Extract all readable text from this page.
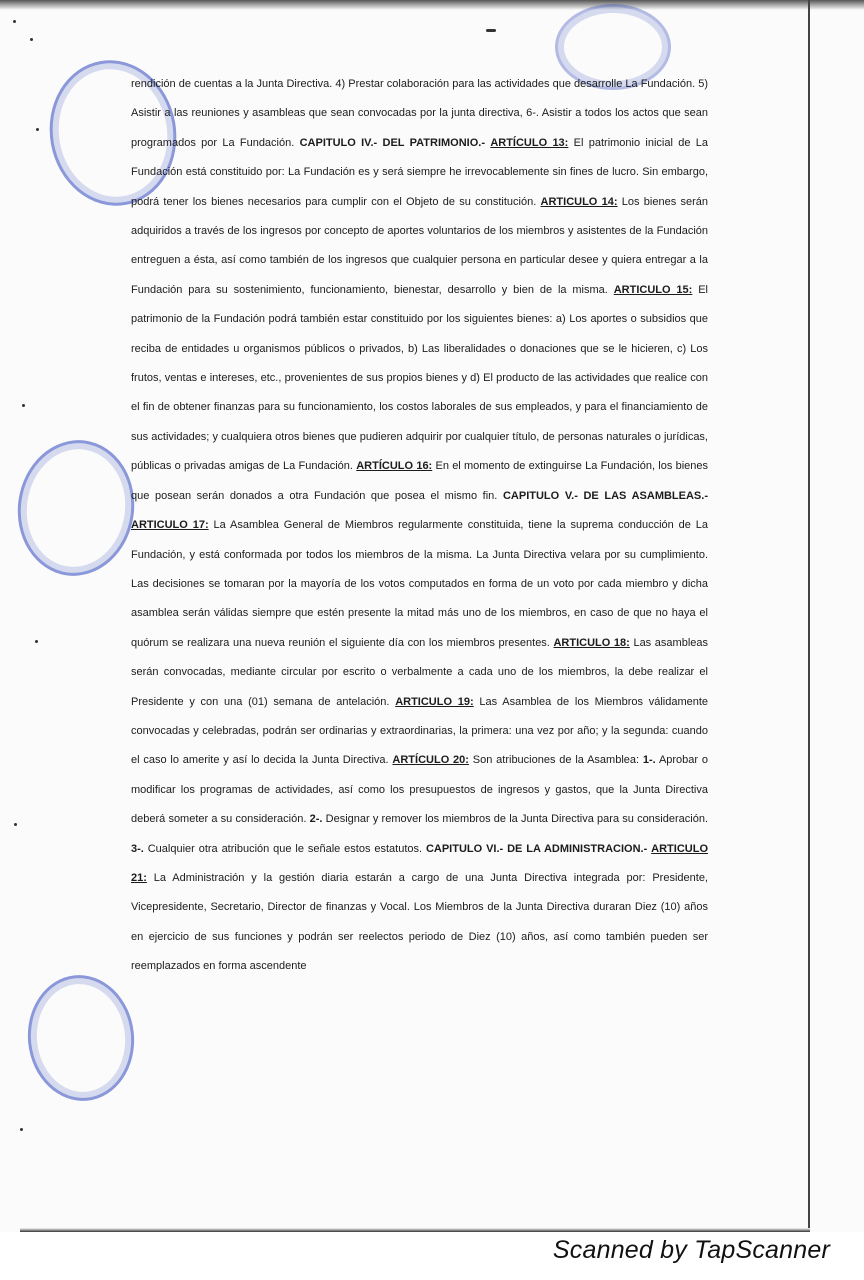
rendición de cuentas a la Junta Directiva. 4) Prestar colaboración para las actividades que desarrolle La Fundación. 5) Asistir a las reuniones y asambleas que sean convocadas por la junta directiva, 6-. Asistir a todos los actos que sean programados por La Fundación. CAPITULO IV.- DEL PATRIMONIO.- ARTÍCULO 13: El patrimonio inicial de La Fundación está constituido por: La Fundación es y será siempre he irrevocablemente sin fines de lucro. Sin embargo, podrá tener los bienes necesarios para cumplir con el Objeto de su constitución. ARTICULO 14: Los bienes serán adquiridos a través de los ingresos por concepto de aportes voluntarios de los miembros y asistentes de la Fundación entreguen a ésta, así como también de los ingresos que cualquier persona en particular desee y quiera entregar a la Fundación para su sostenimiento, funcionamiento, bienestar, desarrollo y bien de la misma. ARTICULO 15: El patrimonio de la Fundación podrá también estar constituido por los siguientes bienes: a) Los aportes o subsidios que reciba de entidades u organismos públicos o privados, b) Las liberalidades o donaciones que se le hicieren, c) Los frutos, ventas e intereses, etc., provenientes de sus propios bienes y d) El producto de las actividades que realice con el fin de obtener finanzas para su funcionamiento, los costos laborales de sus empleados, y para el financiamiento de sus actividades; y cualquiera otros bienes que pudieren adquirir por cualquier título, de personas naturales o jurídicas, públicas o privadas amigas de La Fundación. ARTÍCULO 16: En el momento de extinguirse La Fundación, los bienes que posean serán donados a otra Fundación que posea el mismo fin. CAPITULO V.- DE LAS ASAMBLEAS.- ARTICULO 17: La Asamblea General de Miembros regularmente constituida, tiene la suprema conducción de La Fundación, y está conformada por todos los miembros de la misma. La Junta Directiva velara por su cumplimiento. Las decisiones se tomaran por la mayoría de los votos computados en forma de un voto por cada miembro y dicha asamblea serán válidas siempre que estén presente la mitad más uno de los miembros, en caso de que no haya el quórum se realizara una nueva reunión el siguiente día con los miembros presentes. ARTICULO 18: Las asambleas serán convocadas, mediante circular por escrito o verbalmente a cada uno de los miembros, la debe realizar el Presidente y con una (01) semana de antelación. ARTICULO 19: Las Asamblea de los Miembros válidamente convocadas y celebradas, podrán ser ordinarias y extraordinarias, la primera: una vez por año; y la segunda: cuando el caso lo amerite y así lo decida la Junta Directiva. ARTÍCULO 20: Son atribuciones de la Asamblea: 1-. Aprobar o modificar los programas de actividades, así como los presupuestos de ingresos y gastos, que la Junta Directiva deberá someter a su consideración. 2-. Designar y remover los miembros de la Junta Directiva para su consideración. 3-. Cualquier otra atribución que le señale estos estatutos. CAPITULO VI.- DE LA ADMINISTRACION.- ARTICULO 21: La Administración y la gestión diaria estarán a cargo de una Junta Directiva integrada por: Presidente, Vicepresidente, Secretario, Director de finanzas y Vocal. Los Miembros de la Junta Directiva duraran Diez (10) años en ejercicio de sus funciones y podrán ser reelectos periodo de Diez (10) años, así como también pueden ser reemplazados en forma ascendente

Scanned by TapScanner
